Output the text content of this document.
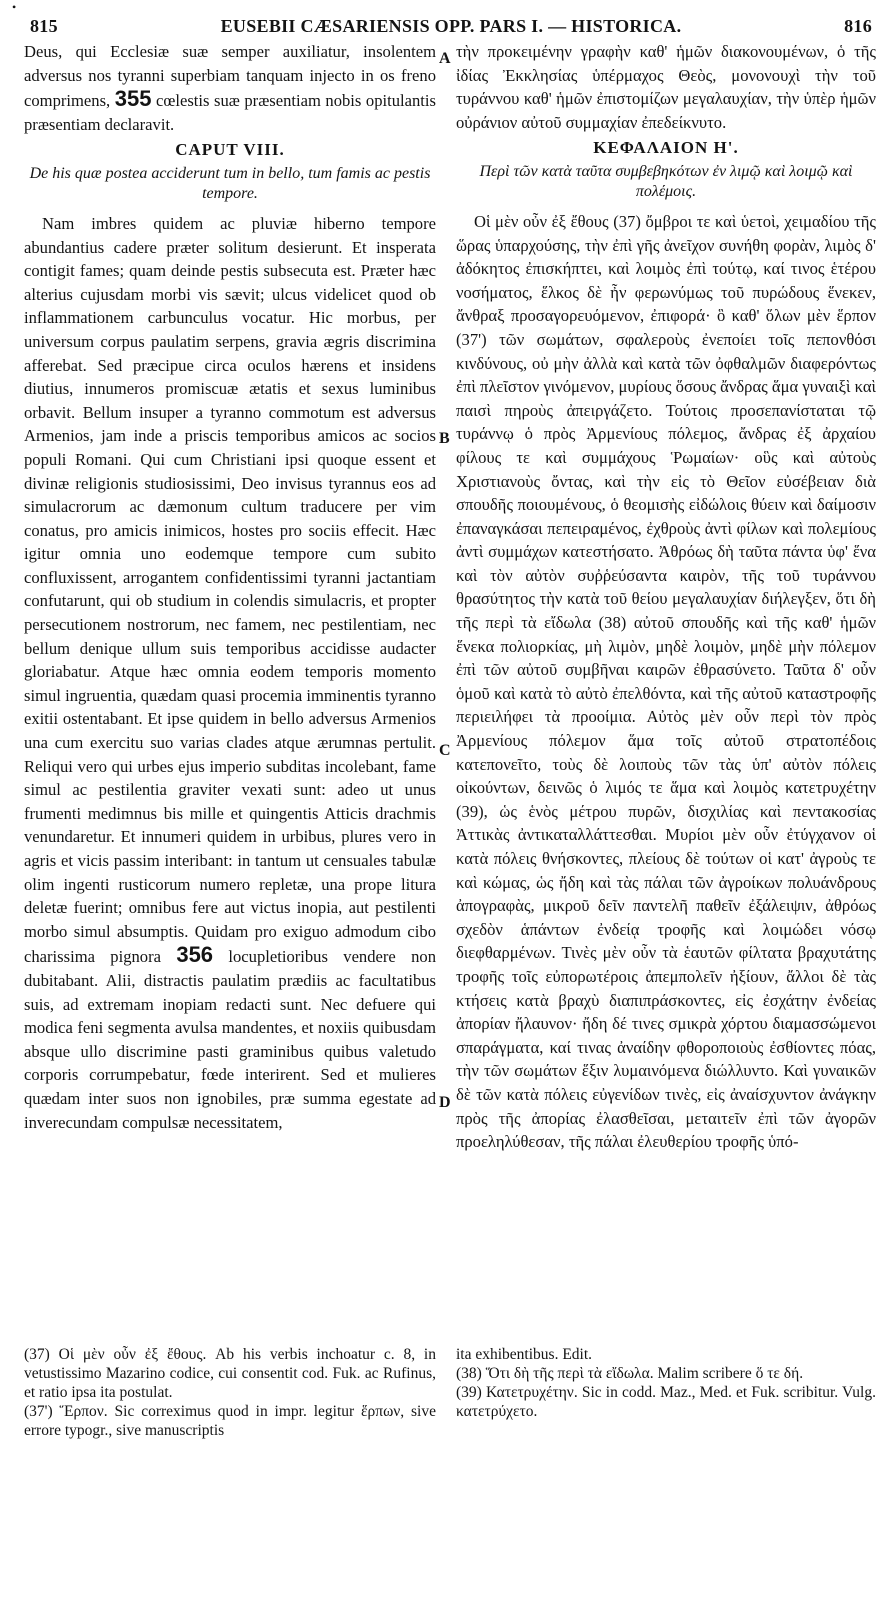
•
815	EUSEBII CÆSARIENSIS OPP. PARS I. — HISTORICA.	816
A
B
C
D

Deus, qui Ecclesiæ suæ semper auxiliatur, insolentem adversus nos tyranni superbiam tanquam injecto in os freno comprimens, 355 cœlestis suæ præsentiam nobis opitulantis præsentiam declaravit.

CAPUT VIII.
De his quæ postea acciderunt tum in bello, tum famis ac pestis tempore.

Nam imbres quidem ac pluviæ hiberno tempore abundantius cadere præter solitum desierunt. Et insperata contigit fames; quam deinde pestis subsecuta est. Præter hæc alterius cujusdam morbi vis sævit; ulcus videlicet quod ob inflammationem carbunculus vocatur. Hic morbus, per universum corpus paulatim serpens, gravia ægris discrimina afferebat. Sed præcipue circa oculos hærens et insidens diutius, innumeros promiscuæ ætatis et sexus luminibus orbavit. Bellum insuper a tyranno commotum est adversus Armenios, jam inde a priscis temporibus amicos ac socios populi Romani. Qui cum Christiani ipsi quoque essent et divinæ religionis studiosissimi, Deo invisus tyrannus eos ad simulacrorum ac dæmonum cultum traducere per vim conatus, pro amicis inimicos, hostes pro sociis effecit. Hæc igitur omnia uno eodemque tempore cum subito confluxissent, arrogantem confidentissimi tyranni jactantiam confutarunt, qui ob studium in colendis simulacris, et propter persecutionem nostrorum, nec famem, nec pestilentiam, nec bellum denique ullum suis temporibus accidisse audacter gloriabatur. Atque hæc omnia eodem temporis momento simul ingruentia, quædam quasi procemia imminentis tyranno exitii ostentabant. Et ipse quidem in bello adversus Armenios una cum exercitu suo varias clades atque ærumnas pertulit. Reliqui vero qui urbes ejus imperio subditas incolebant, fame simul ac pestilentia graviter vexati sunt: adeo ut unus frumenti medimnus bis mille et quingentis Atticis drachmis venundaretur. Et innumeri quidem in urbibus, plures vero in agris et vicis passim interibant: in tantum ut censuales tabulæ olim ingenti rusticorum numero repletæ, una prope litura deletæ fuerint; omnibus fere aut victus inopia, aut pestilenti morbo simul absumptis. Quidam pro exiguo admodum cibo charissima pignora 356 locupletioribus vendere non dubitabant. Alii, distractis paulatim prædiis ac facultatibus suis, ad extremam inopiam redacti sunt. Nec defuere qui modica feni segmenta avulsa mandentes, et noxiis quibusdam absque ullo discrimine pasti graminibus quibus valetudo corporis corrumpebatur, fœde interirent. Sed et mulieres quædam inter suos non ignobiles, præ summa egestate ad inverecundam compulsæ necessitatem,

τὴν προκειμένην γραφὴν καθ' ἡμῶν διακονουμένων, ὁ τῆς ἰδίας Ἐκκλησίας ὑπέρμαχος Θεὸς, μονονουχὶ τὴν τοῦ τυράννου καθ' ἡμῶν ἐπιστομίζων μεγαλαυχίαν, τὴν ὑπὲρ ἡμῶν οὐράνιον αὐτοῦ συμμαχίαν ἐπεδείκνυτο.

ΚΕΦΑΛΑΙΟΝ Η'.
Περὶ τῶν κατὰ ταῦτα συμβεβηκότων ἐν λιμῷ καὶ λοιμῷ καὶ πολέμοις.

Οἱ μὲν οὖν ἐξ ἔθους (37) ὄμβροι τε καὶ ὑετοὶ, χειμαδίου τῆς ὥρας ὑπαρχούσης, τὴν ἐπὶ γῆς ἀνεῖχον συνήθη φορὰν, λιμὸς δ' ἀδόκητος ἐπισκήπτει, καὶ λοιμὸς ἐπὶ τούτῳ, καί τινος ἑτέρου νοσήματος, ἕλκος δὲ ἦν φερωνύμως τοῦ πυρώδους ἕνεκεν, ἄνθραξ προσαγορευόμενον, ἐπιφορά· ὃ καθ' ὅλων μὲν ἕρπον (37') τῶν σωμάτων, σφαλεροὺς ἐνεποίει τοῖς πεπονθόσι κινδύνους, οὐ μὴν ἀλλὰ καὶ κατὰ τῶν ὀφθαλμῶν διαφερόντως ἐπὶ πλεῖστον γινόμενον, μυρίους ὅσους ἄνδρας ἅμα γυναιξὶ καὶ παισὶ πηροὺς ἀπειργάζετο. Τούτοις προσεπανίσταται τῷ τυράννῳ ὁ πρὸς Ἀρμενίους πόλεμος, ἄνδρας ἐξ ἀρχαίου φίλους τε καὶ συμμάχους Ῥωμαίων· οὓς καὶ αὐτοὺς Χριστιανοὺς ὄντας, καὶ τὴν εἰς τὸ Θεῖον εὐσέβειαν διὰ σπουδῆς ποιουμένους, ὁ θεομισὴς εἰδώλοις θύειν καὶ δαίμοσιν ἐπαναγκάσαι πεπειραμένος, ἐχθροὺς ἀντὶ φίλων καὶ πολεμίους ἀντὶ συμμάχων κατεστήσατο. Ἀθρόως δὴ ταῦτα πάντα ὑφ' ἕνα καὶ τὸν αὐτὸν συῤῥεύσαντα καιρὸν, τῆς τοῦ τυράννου θρασύτητος τὴν κατὰ τοῦ θείου μεγαλαυχίαν διήλεγξεν, ὅτι δὴ τῆς περὶ τὰ εἴδωλα (38) αὐτοῦ σπουδῆς καὶ τῆς καθ' ἡμῶν ἕνεκα πολιορκίας, μὴ λιμὸν, μηδὲ λοιμὸν, μηδὲ μὴν πόλεμον ἐπὶ τῶν αὐτοῦ συμβῆναι καιρῶν ἐθρασύνετο. Ταῦτα δ' οὖν ὁμοῦ καὶ κατὰ τὸ αὐτὸ ἐπελθόντα, καὶ τῆς αὐτοῦ καταστροφῆς περιειλήφει τὰ προοίμια. Αὐτὸς μὲν οὖν περὶ τὸν πρὸς Ἀρμενίους πόλεμον ἅμα τοῖς αὐτοῦ στρατοπέδοις κατεπονεῖτο, τοὺς δὲ λοιποὺς τῶν τὰς ὑπ' αὐτὸν πόλεις οἰκούντων, δεινῶς ὁ λιμός τε ἅμα καὶ λοιμὸς κατετρυχέτην (39), ὡς ἑνὸς μέτρου πυρῶν, δισχιλίας καὶ πεντακοσίας Ἀττικὰς ἀντικαταλλάττεσθαι. Μυρίοι μὲν οὖν ἐτύγχανον οἱ κατὰ πόλεις θνήσκοντες, πλείους δὲ τούτων οἱ κατ' ἀγροὺς τε καὶ κώμας, ὡς ἤδη καὶ τὰς πάλαι τῶν ἀγροίκων πολυάνδρους ἀπογραφὰς, μικροῦ δεῖν παντελῆ παθεῖν ἐξάλειψιν, ἀθρόως σχεδὸν ἁπάντων ἐνδείᾳ τροφῆς καὶ λοιμώδει νόσῳ διεφθαρμένων. Τινὲς μὲν οὖν τὰ ἑαυτῶν φίλτατα βραχυτάτης τροφῆς τοῖς εὐπορωτέροις ἀπεμπολεῖν ἠξίουν, ἄλλοι δὲ τὰς κτήσεις κατὰ βραχὺ διαπιπράσκοντες, εἰς ἐσχάτην ἐνδείας ἀπορίαν ἤλαυνον· ἤδη δέ τινες σμικρὰ χόρτου διαμασσώμενοι σπαράγματα, καί τινας ἀναίδην φθοροποιοὺς ἐσθίοντες πόας, τὴν τῶν σωμάτων ἕξιν λυμαινόμενα διώλλυντο. Καὶ γυναικῶν δὲ τῶν κατὰ πόλεις εὐγενίδων τινὲς, εἰς ἀναίσχυντον ἀνάγκην πρὸς τῆς ἀπορίας ἐλασθεῖσαι, μεταιτεῖν ἐπὶ τῶν ἀγορῶν προεληλύθεσαν, τῆς πάλαι ἐλευθερίου τροφῆς ὑπό-

(37) Οἱ μὲν οὖν ἐξ ἔθους. Ab his verbis inchoatur c. 8, in vetustissimo Mazarino codice, cui consentit cod. Fuk. ac Rufinus, et ratio ipsa ita postulat.

(37') Ἕρπον. Sic correximus quod in impr. legitur ἕρπων, sive errore typogr., sive manuscriptis

ita exhibentibus. Edit.

(38) Ὅτι δὴ τῆς περὶ τὰ εἴδωλα. Malim scribere ὅ τε δή.

(39) Κατετρυχέτην. Sic in codd. Maz., Med. et Fuk. scribitur. Vulg. κατετρύχετο.
